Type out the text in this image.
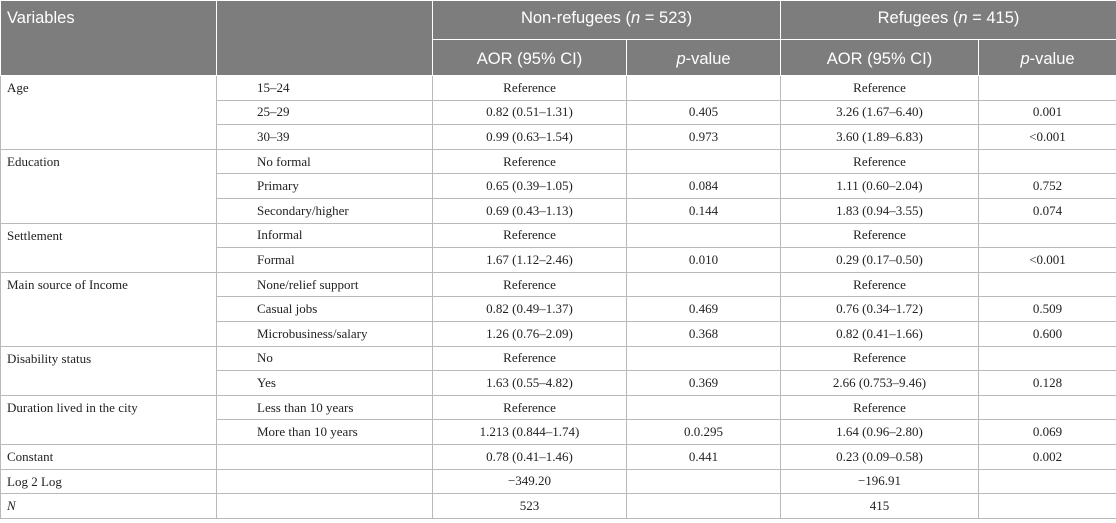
Variables		Non-refugees (n = 523)		Refugees (n = 415)	
		AOR (95% CI)	p-value	AOR (95% CI)	p-value
Age	15–24	Reference		Reference	
	25–29	0.82 (0.51–1.31)	0.405	3.26 (1.67–6.40)	0.001
	30–39	0.99 (0.63–1.54)	0.973	3.60 (1.89–6.83)	<0.001
Education	No formal	Reference		Reference	
	Primary	0.65 (0.39–1.05)	0.084	1.11 (0.60–2.04)	0.752
	Secondary/higher	0.69 (0.43–1.13)	0.144	1.83 (0.94–3.55)	0.074
Settlement	Informal	Reference		Reference	
	Formal	1.67 (1.12–2.46)	0.010	0.29 (0.17–0.50)	<0.001
Main source of Income	None/relief support	Reference		Reference	
	Casual jobs	0.82 (0.49–1.37)	0.469	0.76 (0.34–1.72)	0.509
	Microbusiness/salary	1.26 (0.76–2.09)	0.368	0.82 (0.41–1.66)	0.600
Disability status	No	Reference		Reference	
	Yes	1.63 (0.55–4.82)	0.369	2.66 (0.753–9.46)	0.128
Duration lived in the city	Less than 10 years	Reference		Reference	
	More than 10 years	1.213 (0.844–1.74)	0.0.295	1.64 (0.96–2.80)	0.069
Constant		0.78 (0.41–1.46)	0.441	0.23 (0.09–0.58)	0.002
Log 2 Log		−349.20		−196.91	
N		523		415	
